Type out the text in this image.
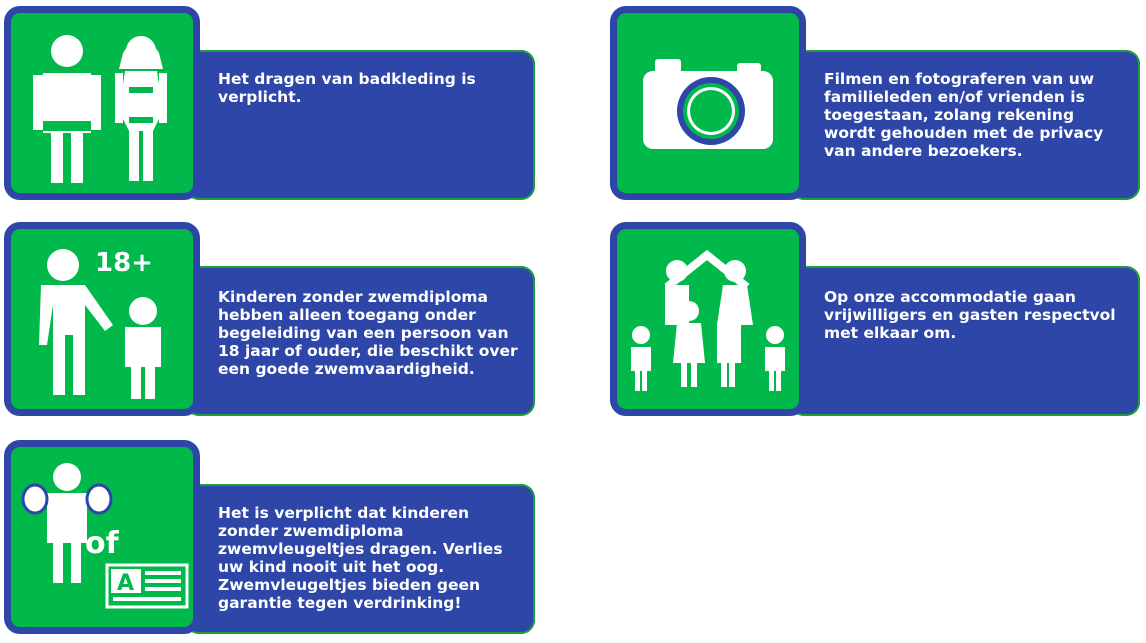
Het dragen van badkleding is verplicht.
Filmen en fotograferen van uw familieleden en/of vrienden is toegestaan, zolang rekening wordt gehouden met de privacy van andere bezoekers.
18+
Kinderen zonder zwemdiploma hebben alleen toegang onder begeleiding van een persoon van 18 jaar of ouder, die beschikt over een goede zwemvaardigheid.
Op onze accommodatie gaan vrijwilligers en gasten respectvol met elkaar om.
of
A
Het is verplicht dat kinderen zonder zwemdiploma zwemvleugeltjes dragen. Verlies uw kind nooit uit het oog. Zwemvleugeltjes bieden geen garantie tegen verdrinking!
